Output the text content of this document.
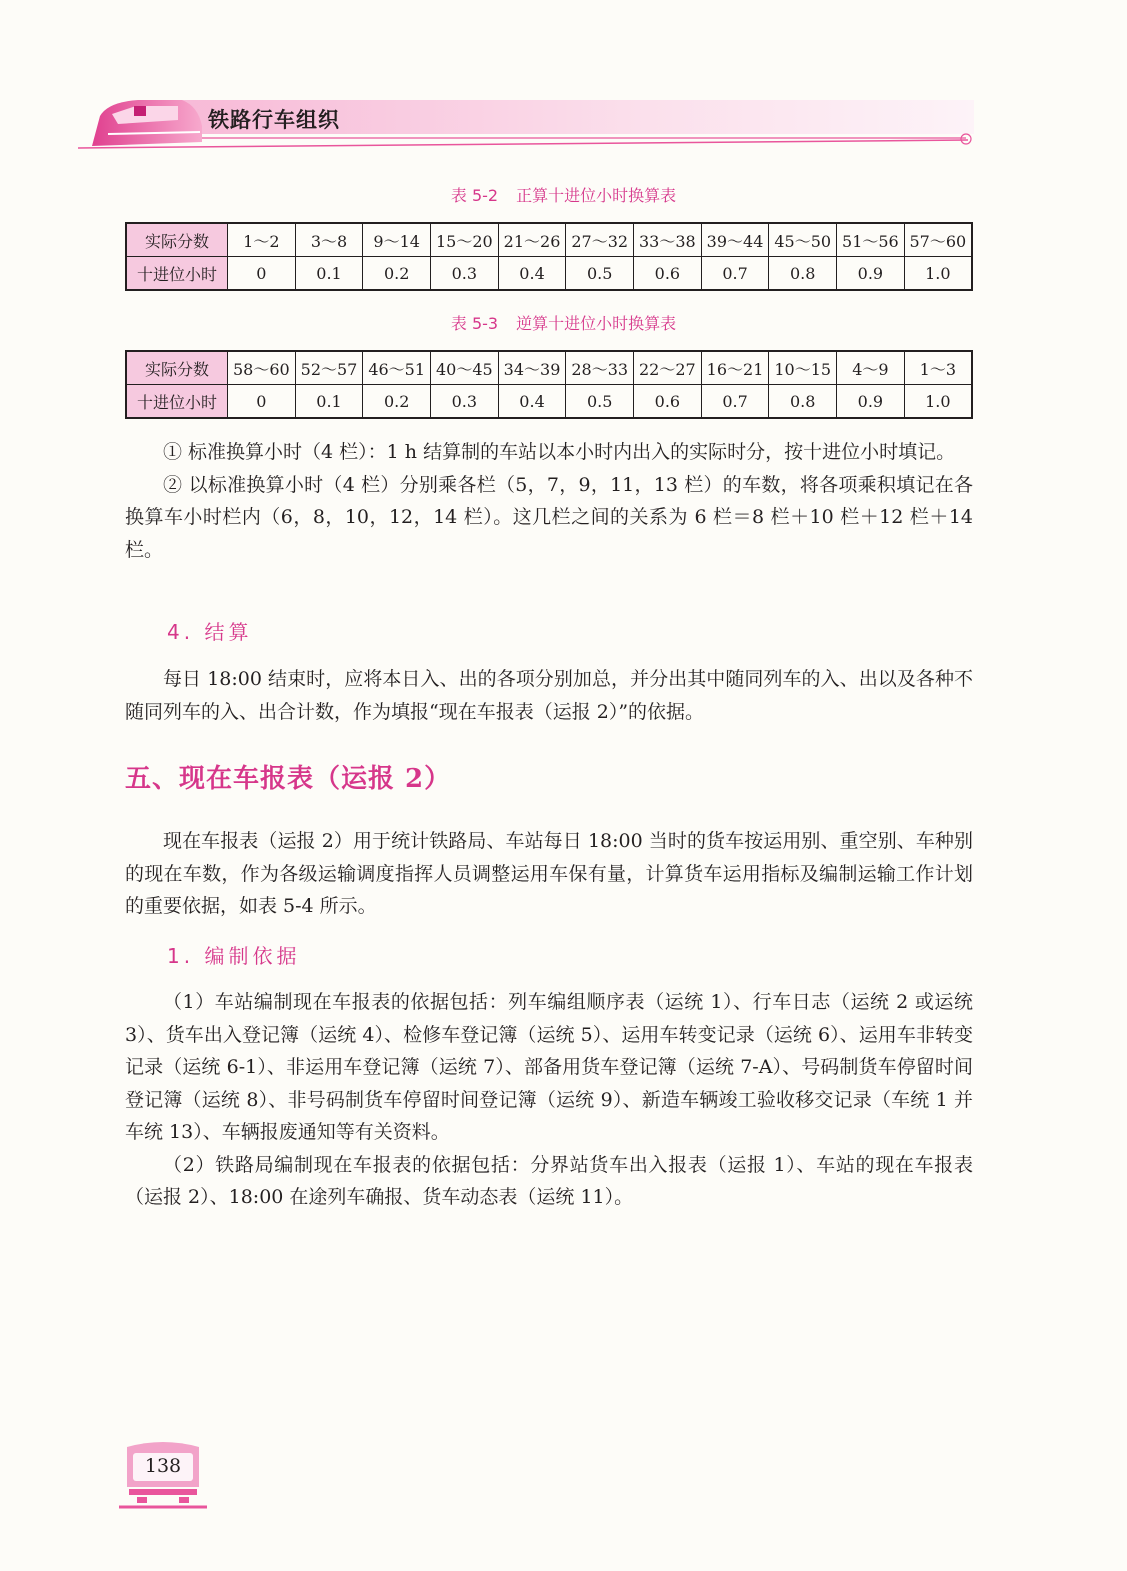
铁路行车组织
表 5-2 正算十进位小时换算表
实际分数	1～2	3～8	9～14	15～20	21～26	27～32	33～38	39～44	45～50	51～56	57～60
十进位小时	0	0.1	0.2	0.3	0.4	0.5	0.6	0.7	0.8	0.9	1.0
表 5-3 逆算十进位小时换算表
实际分数	58～60	52～57	46～51	40～45	34～39	28～33	22～27	16～21	10～15	4～9	1～3
十进位小时	0	0.1	0.2	0.3	0.4	0.5	0.6	0.7	0.8	0.9	1.0

① 标准换算小时（4 栏）：1 h 结算制的车站以本小时内出入的实际时分，按十进位小时填记。

② 以标准换算小时（4 栏）分别乘各栏（5，7，9，11，13 栏）的车数，将各项乘积填记在各换算车小时栏内（6，8，10，12，14 栏）。这几栏之间的关系为 6 栏＝8 栏＋10 栏＋12 栏＋14 栏。

4. 结算

每日 18:00 结束时，应将本日入、出的各项分别加总，并分出其中随同列车的入、出以及各种不随同列车的入、出合计数，作为填报“现在车报表（运报 2）”的依据。

五、现在车报表（运报 2）

现在车报表（运报 2）用于统计铁路局、车站每日 18:00 当时的货车按运用别、重空别、车种别的现在车数，作为各级运输调度指挥人员调整运用车保有量，计算货车运用指标及编制运输工作计划的重要依据，如表 5-4 所示。

1. 编制依据

（1）车站编制现在车报表的依据包括：列车编组顺序表（运统 1）、行车日志（运统 2 或运统 3）、货车出入登记簿（运统 4）、检修车登记簿（运统 5）、运用车转变记录（运统 6）、运用车非转变记录（运统 6-1）、非运用车登记簿（运统 7）、部备用货车登记簿（运统 7-A）、号码制货车停留时间登记簿（运统 8）、非号码制货车停留时间登记簿（运统 9）、新造车辆竣工验收移交记录（车统 1 并车统 13）、车辆报废通知等有关资料。

（2）铁路局编制现在车报表的依据包括：分界站货车出入报表（运报 1）、车站的现在车报表（运报 2）、18:00 在途列车确报、货车动态表（运统 11）。

138
